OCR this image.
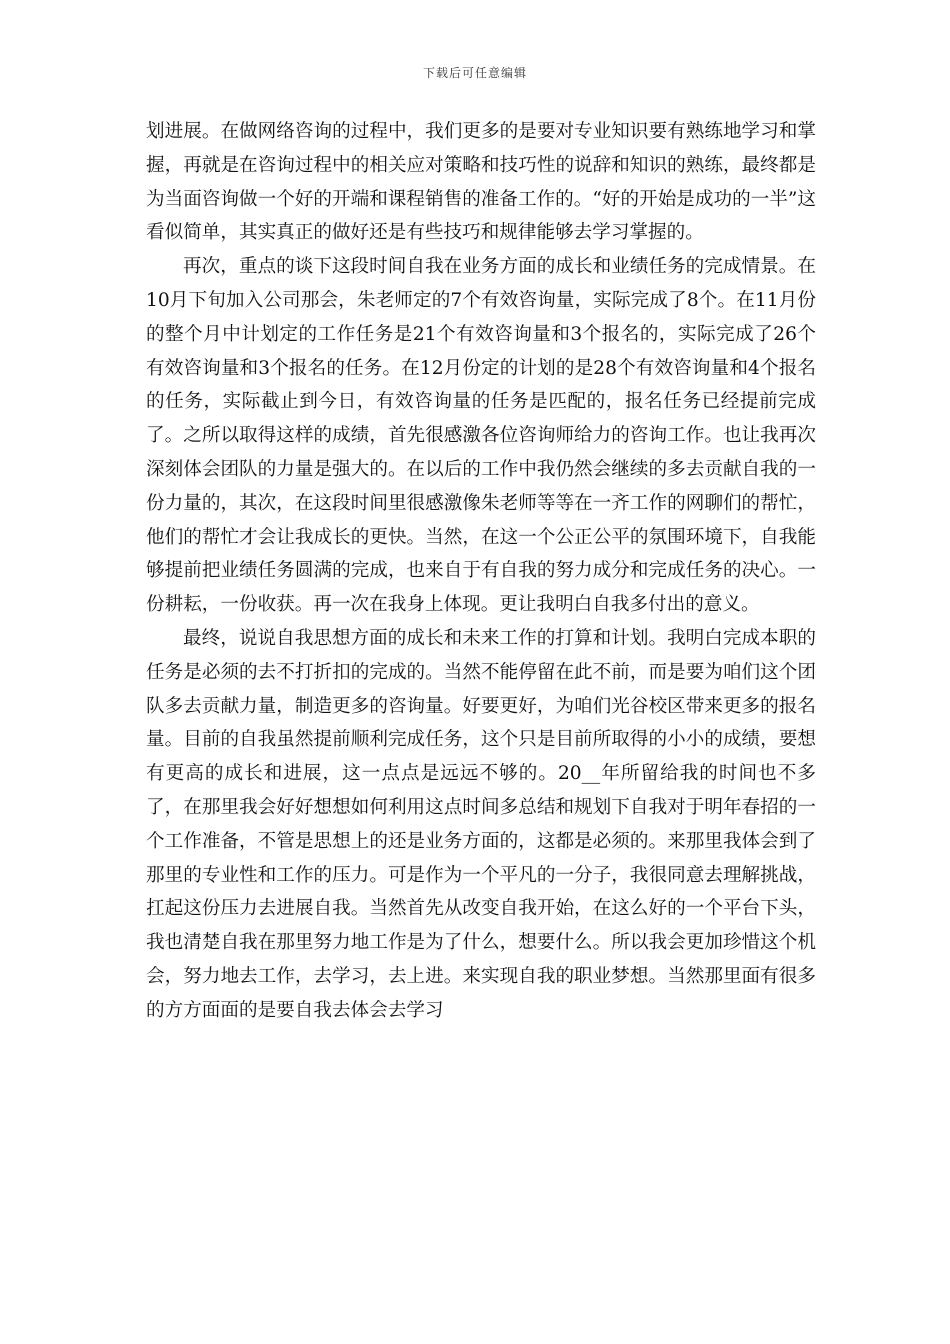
下载后可任意编辑

划进展。在做网络咨询的过程中，我们更多的是要对专业知识要有熟练地学习和掌握，再就是在咨询过程中的相关应对策略和技巧性的说辞和知识的熟练，最终都是为当面咨询做一个好的开端和课程销售的准备工作的。“好的开始是成功的一半”这看似简单，其实真正的做好还是有些技巧和规律能够去学习掌握的。

再次，重点的谈下这段时间自我在业务方面的成长和业绩任务的完成情景。在10月下旬加入公司那会，朱老师定的7个有效咨询量，实际完成了8个。在11月份的整个月中计划定的工作任务是21个有效咨询量和3个报名的，实际完成了26个有效咨询量和3个报名的任务。在12月份定的计划的是28个有效咨询量和4个报名的任务，实际截止到今日，有效咨询量的任务是匹配的，报名任务已经提前完成了。之所以取得这样的成绩，首先很感激各位咨询师给力的咨询工作。也让我再次深刻体会团队的力量是强大的。在以后的工作中我仍然会继续的多去贡献自我的一份力量的，其次，在这段时间里很感激像朱老师等等在一齐工作的网聊们的帮忙，他们的帮忙才会让我成长的更快。当然，在这一个公正公平的氛围环境下，自我能够提前把业绩任务圆满的完成，也来自于有自我的努力成分和完成任务的决心。一份耕耘，一份收获。再一次在我身上体现。更让我明白自我多付出的意义。

最终，说说自我思想方面的成长和未来工作的打算和计划。我明白完成本职的任务是必须的去不打折扣的完成的。当然不能停留在此不前，而是要为咱们这个团队多去贡献力量，制造更多的咨询量。好要更好，为咱们光谷校区带来更多的报名量。目前的自我虽然提前顺利完成任务，这个只是目前所取得的小小的成绩，要想有更高的成长和进展，这一点点是远远不够的。20__年所留给我的时间也不多了，在那里我会好好想想如何利用这点时间多总结和规划下自我对于明年春招的一个工作准备，不管是思想上的还是业务方面的，这都是必须的。来那里我体会到了那里的专业性和工作的压力。可是作为一个平凡的一分子，我很同意去理解挑战，扛起这份压力去进展自我。当然首先从改变自我开始，在这么好的一个平台下头，我也清楚自我在那里努力地工作是为了什么，想要什么。所以我会更加珍惜这个机会，努力地去工作，去学习，去上进。来实现自我的职业梦想。当然那里面有很多的方方面面的是要自我去体会去学习
